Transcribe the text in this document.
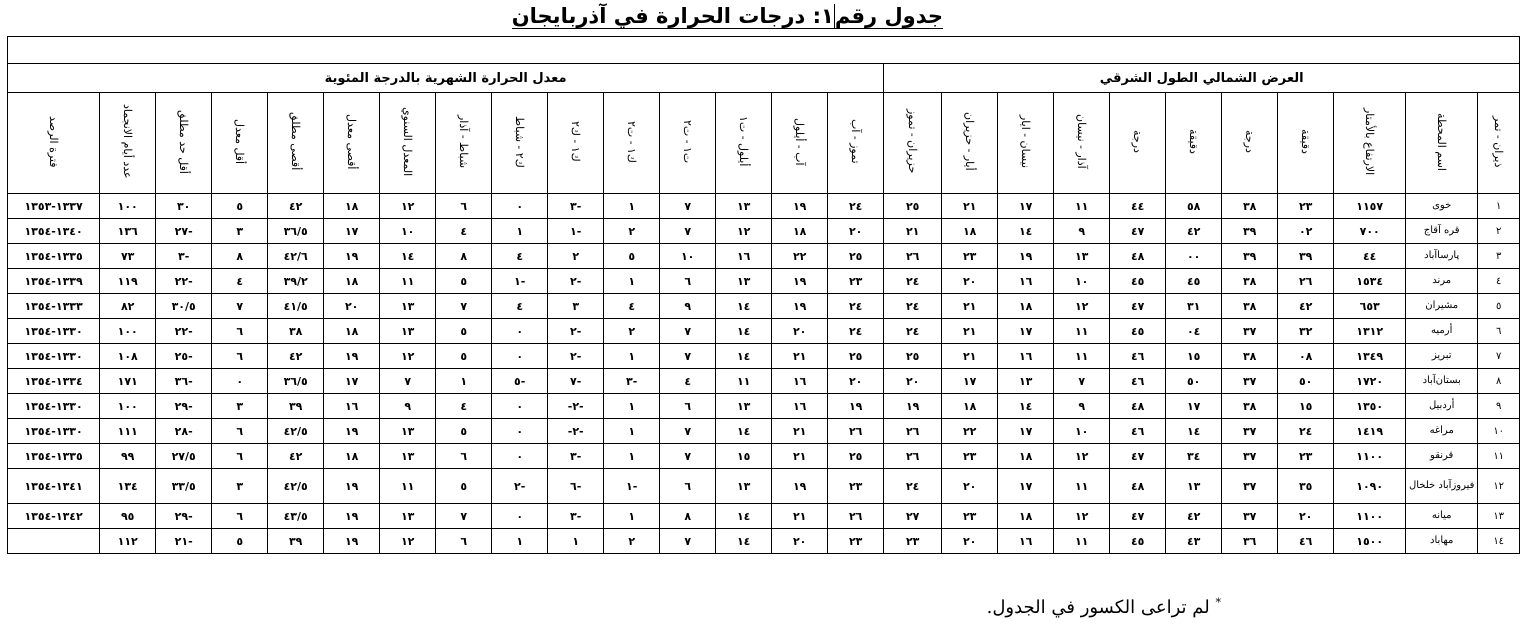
جدول رقم
١: درجات الحرارة في آذربايجان

العرض الشمالي الطول الشرقي											معدل الحرارة الشهرية بالدرجة المئوية														
ذيران - تمر	اسم المحطة	الارتفاع بالأمتار	دقيقة	درجة	دقيقة	درجة	آذار - نيسان	نيسان - ايار	أيار - حزيران	حزيران - تموز	تموز - آب	آب - أيلول	أيلول - ت١	ت١ - ت٢	ك١ - ت٢	ك١ - ك٢	ك٢ - شباط	شباط - آذار	المعدل السنوي	أقصى معدل	أقصى مطلق	أقل معدل	أقل حد مطلق	عدد أيام الانجماد	فترة الرصد
١	خوى	١١٥٧	٢٣	٣٨	٥٨	٤٤	١١	١٧	٢١	٢٥	٢٤	١٩	١٣	٧	١	-٣	٠	٦	١٢	١٨	٤٢	٥	٣٠	١٠٠	١٣٣٧-١٣٥٣
٢	قره آقاج	٧٠٠	٠٢	٣٩	٤٢	٤٧	٩	١٤	١٨	٢١	٢٠	١٨	١٢	٧	٢	-١	١	٤	١٠	١٧	٣٦/٥	٣	-٢٧	١٣٦	١٣٤٠-١٣٥٤
٣	پارساآباد	٤٤	٣٩	٣٩	٠٠	٤٨	١٣	١٩	٢٣	٢٦	٢٥	٢٢	١٦	١٠	٥	٢	٤	٨	١٤	١٩	٤٢/٦	٨	-٣	٧٣	١٣٣٥-١٣٥٤
٤	مرند	١٥٣٤	٢٦	٣٨	٤٥	٤٥	١٠	١٦	٢٠	٢٤	٢٣	١٩	١٣	٦	١	-٢	-١	٥	١١	١٨	٣٩/٢	٤	-٢٢	١١٩	١٣٣٩-١٣٥٤
٥	مشيران	٦٥٣	٤٢	٣٨	٣١	٤٧	١٢	١٨	٢١	٢٤	٢٤	١٩	١٤	٩	٤	٣	٤	٧	١٣	٢٠	٤١/٥	٧	٣٠/٥	٨٢	١٣٣٣-١٣٥٤
٦	أرميه	١٣١٢	٣٢	٣٧	٠٤	٤٥	١١	١٧	٢١	٢٤	٢٤	٢٠	١٤	٧	٢	-٢	٠	٥	١٣	١٨	٣٨	٦	-٢٢	١٠٠	١٣٣٠-١٣٥٤
٧	تبريز	١٣٤٩	٠٨	٣٨	١٥	٤٦	١١	١٦	٢١	٢٥	٢٥	٢١	١٤	٧	١	-٢	٠	٥	١٢	١٩	٤٢	٦	-٢٥	١٠٨	١٣٣٠-١٣٥٤
٨	بستان‌آباد	١٧٢٠	٥٠	٣٧	٥٠	٤٦	٧	١٣	١٧	٢٠	٢٠	١٦	١١	٤	-٣	-٧	-٥	١	٧	١٧	٣٦/٥	٠	-٣٦	١٧١	١٣٣٤-١٣٥٤
٩	أردبيل	١٣٥٠	١٥	٣٨	١٧	٤٨	٩	١٤	١٨	١٩	١٩	١٦	١٣	٦	١	-٢-	٠	٤	٩	١٦	٣٩	٣	-٢٩	١٠٠	١٣٣٠-١٣٥٤
١٠	مراغه	١٤١٩	٢٤	٣٧	١٤	٤٦	١٠	١٧	٢٢	٢٦	٢٦	٢١	١٤	٧	١	-٢-	٠	٥	١٣	١٩	٤٢/٥	٦	-٢٨	١١١	١٣٣٠-١٣٥٤
١١	قرنقو	١١٠٠	٢٣	٣٧	٣٤	٤٧	١٢	١٨	٢٣	٢٦	٢٥	٢١	١٥	٧	١	-٣	٠	٦	١٣	١٨	٤٢	٦	٢٧/٥	٩٩	١٣٣٥-١٣٥٤
١٢	فيروزآباد خلخال	١٠٩٠	٣٥	٣٧	١٣	٤٨	١١	١٧	٢٠	٢٤	٢٣	١٩	١٣	٦	-١	-٦	-٢	٥	١١	١٩	٤٢/٥	٣	٣٣/٥	١٣٤	١٣٤١-١٣٥٤
١٣	ميانه	١١٠٠	٢٠	٣٧	٤٢	٤٧	١٢	١٨	٢٣	٢٧	٢٦	٢١	١٤	٨	١	-٣	٠	٧	١٣	١٩	٤٣/٥	٦	-٢٩	٩٥	١٣٤٢-١٣٥٤
١٤	مهاباد	١٥٠٠	٤٦	٣٦	٤٣	٤٥	١١	١٦	٢٠	٢٣	٢٣	٢٠	١٤	٧	٢	١	١	٦	١٢	١٩	٣٩	٥	-٢١	١١٢	
* لم تراعى الكسور في الجدول.
